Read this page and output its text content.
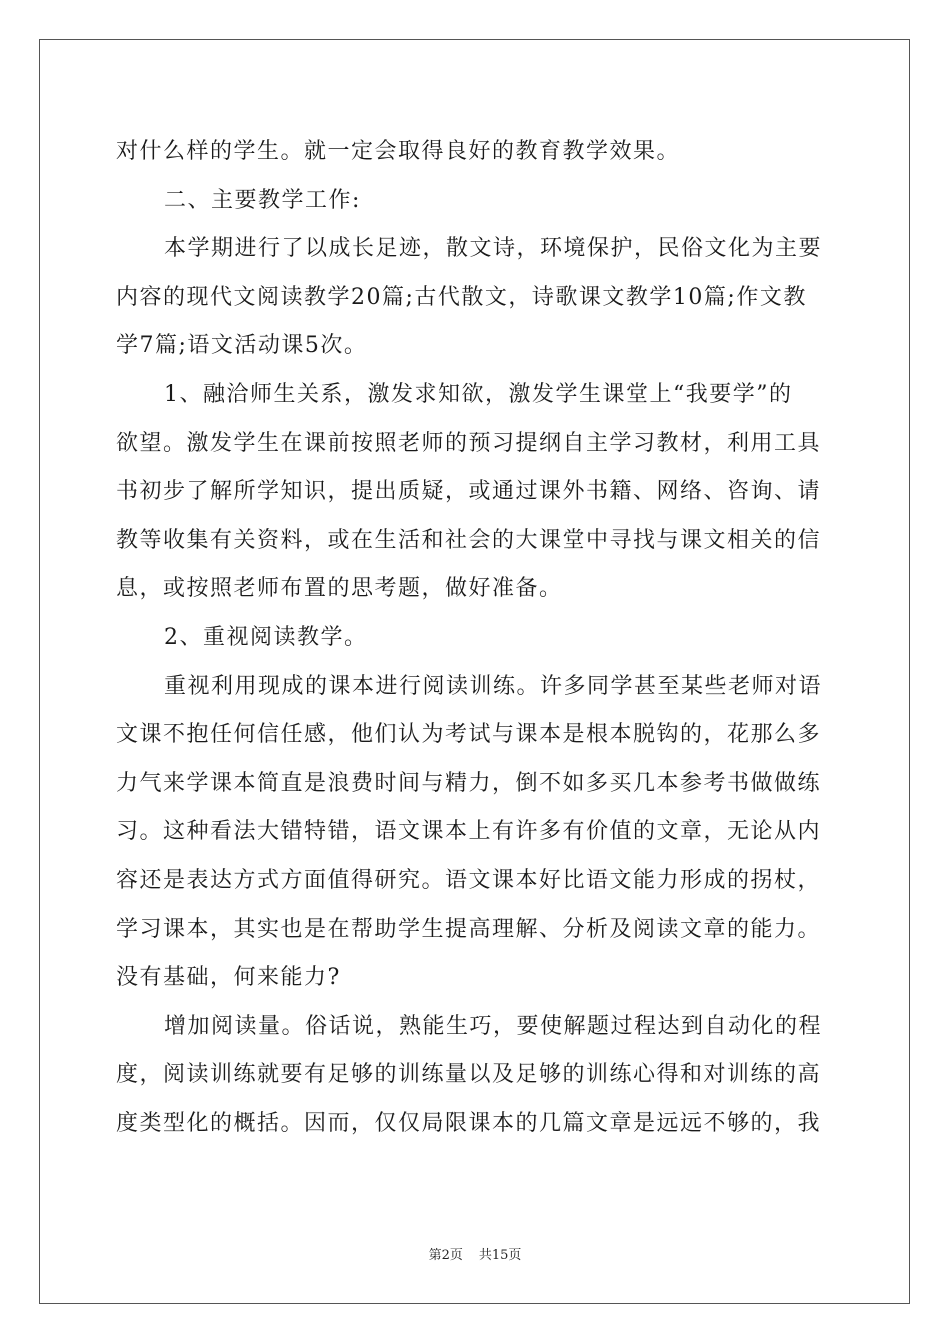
对什么样的学生。就一定会取得良好的教育教学效果。
二、主要教学工作:
本学期进行了以成长足迹，散文诗，环境保护，民俗文化为主要
内容的现代文阅读教学20篇;古代散文，诗歌课文教学10篇;作文教
学7篇;语文活动课5次。
1、融洽师生关系，激发求知欲，激发学生课堂上“我要学”的
欲望。激发学生在课前按照老师的预习提纲自主学习教材，利用工具
书初步了解所学知识，提出质疑，或通过课外书籍、网络、咨询、请
教等收集有关资料，或在生活和社会的大课堂中寻找与课文相关的信
息，或按照老师布置的思考题，做好准备。
2、重视阅读教学。
重视利用现成的课本进行阅读训练。许多同学甚至某些老师对语
文课不抱任何信任感，他们认为考试与课本是根本脱钩的，花那么多
力气来学课本简直是浪费时间与精力，倒不如多买几本参考书做做练
习。这种看法大错特错，语文课本上有许多有价值的文章，无论从内
容还是表达方式方面值得研究。语文课本好比语文能力形成的拐杖，
学习课本，其实也是在帮助学生提高理解、分析及阅读文章的能力。
没有基础，何来能力?
增加阅读量。俗话说，熟能生巧，要使解题过程达到自动化的程
度，阅读训练就要有足够的训练量以及足够的训练心得和对训练的高
度类型化的概括。因而，仅仅局限课本的几篇文章是远远不够的，我
第2页 共15页
